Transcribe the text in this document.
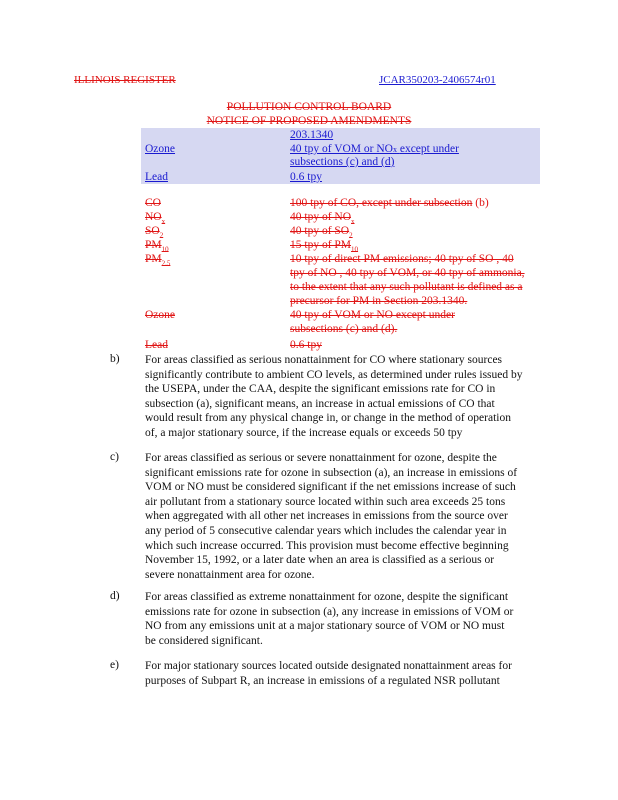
ILLINOIS REGISTER	JCAR350203-2406574r01
POLLUTION CONTROL BOARD
NOTICE OF PROPOSED AMENDMENTS
203.1340
Ozone	40 tpy of VOM or NOx except under
subsections (c) and (d)
Lead	0.6 tpy
CO	100 tpy of CO, except under subsection (b)
$NO_x$	40 tpy of $NO_x$
$SO_2$	40 tpy of $SO_2$
$PM_{10}$	15 tpy of $PM_{10}$
$PM_{2.5}$	10 tpy of direct PM emissions; 40 tpy of SO , 40
tpy of NO , 40 tpy of VOM, or 40 tpy of ammonia,
to the extent that any such pollutant is defined as a
precursor for PM in Section 203.1340.
Ozone	40 tpy of VOM or NO except under
subsections (c) and (d).
Lead	0.6 tpy
b) For areas classified as serious nonattainment for CO where stationary sources
significantly contribute to ambient CO levels, as determined under rules issued by
the USEPA, under the CAA, despite the significant emissions rate for CO in
subsection (a), significant means, an increase in actual emissions of CO that
would result from any physical change in, or change in the method of operation
of, a major stationary source, if the increase equals or exceeds 50 tpy
c) For areas classified as serious or severe nonattainment for ozone, despite the
significant emissions rate for ozone in subsection (a), an increase in emissions of
VOM or NO must be considered significant if the net emissions increase of such
air pollutant from a stationary source located within such area exceeds 25 tons
when aggregated with all other net increases in emissions from the source over
any period of 5 consecutive calendar years which includes the calendar year in
which such increase occurred. This provision must become effective beginning
November 15, 1992, or a later date when an area is classified as a serious or
severe nonattainment area for ozone.
d) For areas classified as extreme nonattainment for ozone, despite the significant
emissions rate for ozone in subsection (a), any increase in emissions of VOM or
NO from any emissions unit at a major stationary source of VOM or NO must
be considered significant.
e) For major stationary sources located outside designated nonattainment areas for
purposes of Subpart R, an increase in emissions of a regulated NSR pollutant
